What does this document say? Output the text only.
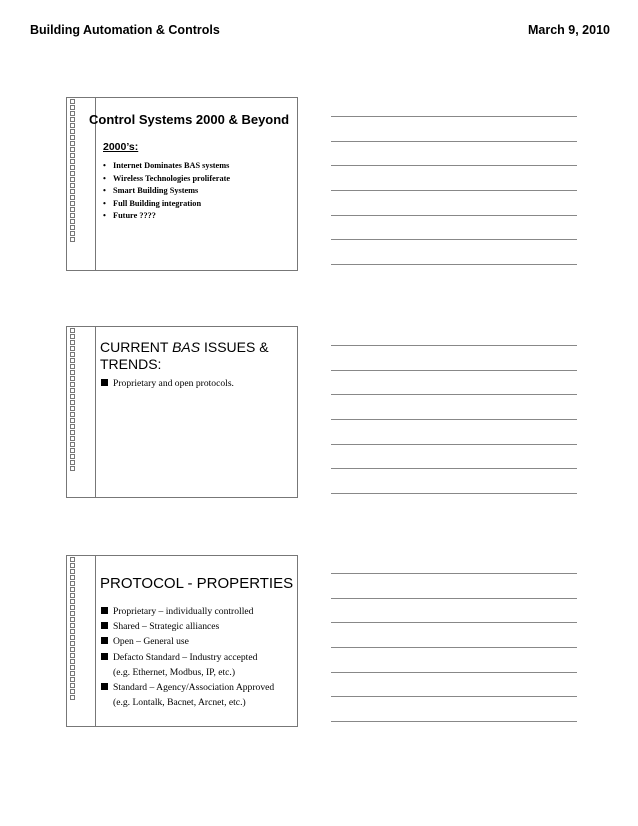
Building Automation & Controls	March 9, 2010
Control Systems 2000 & Beyond
2000’s:
• Internet Dominates BAS systems
• Wireless Technologies proliferate
• Smart Building Systems
• Full Building integration
• Future ????
CURRENT BAS ISSUES &
TRENDS:
Proprietary and open protocols.
PROTOCOL - PROPERTIES
Proprietary – individually controlled
Shared – Strategic alliances
Open – General use
Defacto Standard – Industry accepted
(e.g. Ethernet, Modbus, IP, etc.)
Standard – Agency/Association Approved
(e.g. Lontalk, Bacnet, Arcnet, etc.)
